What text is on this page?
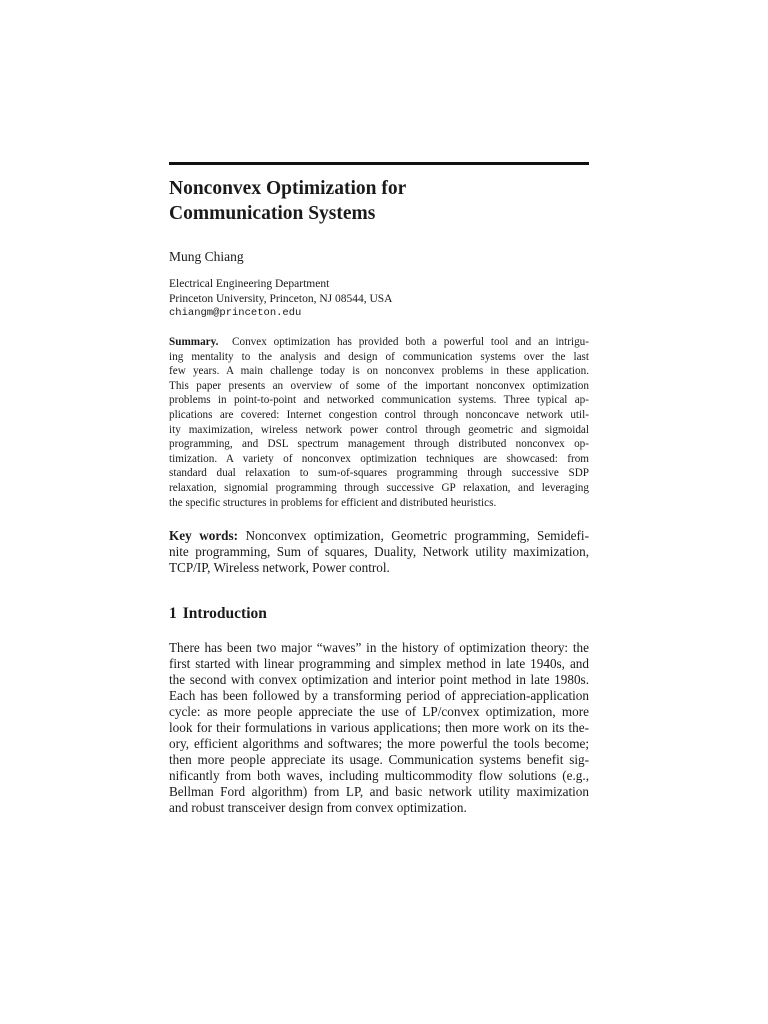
Nonconvex Optimization for
Communication Systems
Mung Chiang
Electrical Engineering Department
Princeton University, Princeton, NJ 08544, USA
chiangm@princeton.edu
Summary. Convex optimization has provided both a powerful tool and an intrigu-
ing mentality to the analysis and design of communication systems over the last
few years. A main challenge today is on nonconvex problems in these application.
This paper presents an overview of some of the important nonconvex optimization
problems in point-to-point and networked communication systems. Three typical ap-
plications are covered: Internet congestion control through nonconcave network util-
ity maximization, wireless network power control through geometric and sigmoidal
programming, and DSL spectrum management through distributed nonconvex op-
timization. A variety of nonconvex optimization techniques are showcased: from
standard dual relaxation to sum-of-squares programming through successive SDP
relaxation, signomial programming through successive GP relaxation, and leveraging
the specific structures in problems for efficient and distributed heuristics.
Key words: Nonconvex optimization, Geometric programming, Semidefi-
nite programming, Sum of squares, Duality, Network utility maximization,
TCP/IP, Wireless network, Power control.
1 Introduction
There has been two major “waves” in the history of optimization theory: the
first started with linear programming and simplex method in late 1940s, and
the second with convex optimization and interior point method in late 1980s.
Each has been followed by a transforming period of appreciation-application
cycle: as more people appreciate the use of LP/convex optimization, more
look for their formulations in various applications; then more work on its the-
ory, efficient algorithms and softwares; the more powerful the tools become;
then more people appreciate its usage. Communication systems benefit sig-
nificantly from both waves, including multicommodity flow solutions (e.g.,
Bellman Ford algorithm) from LP, and basic network utility maximization
and robust transceiver design from convex optimization.
